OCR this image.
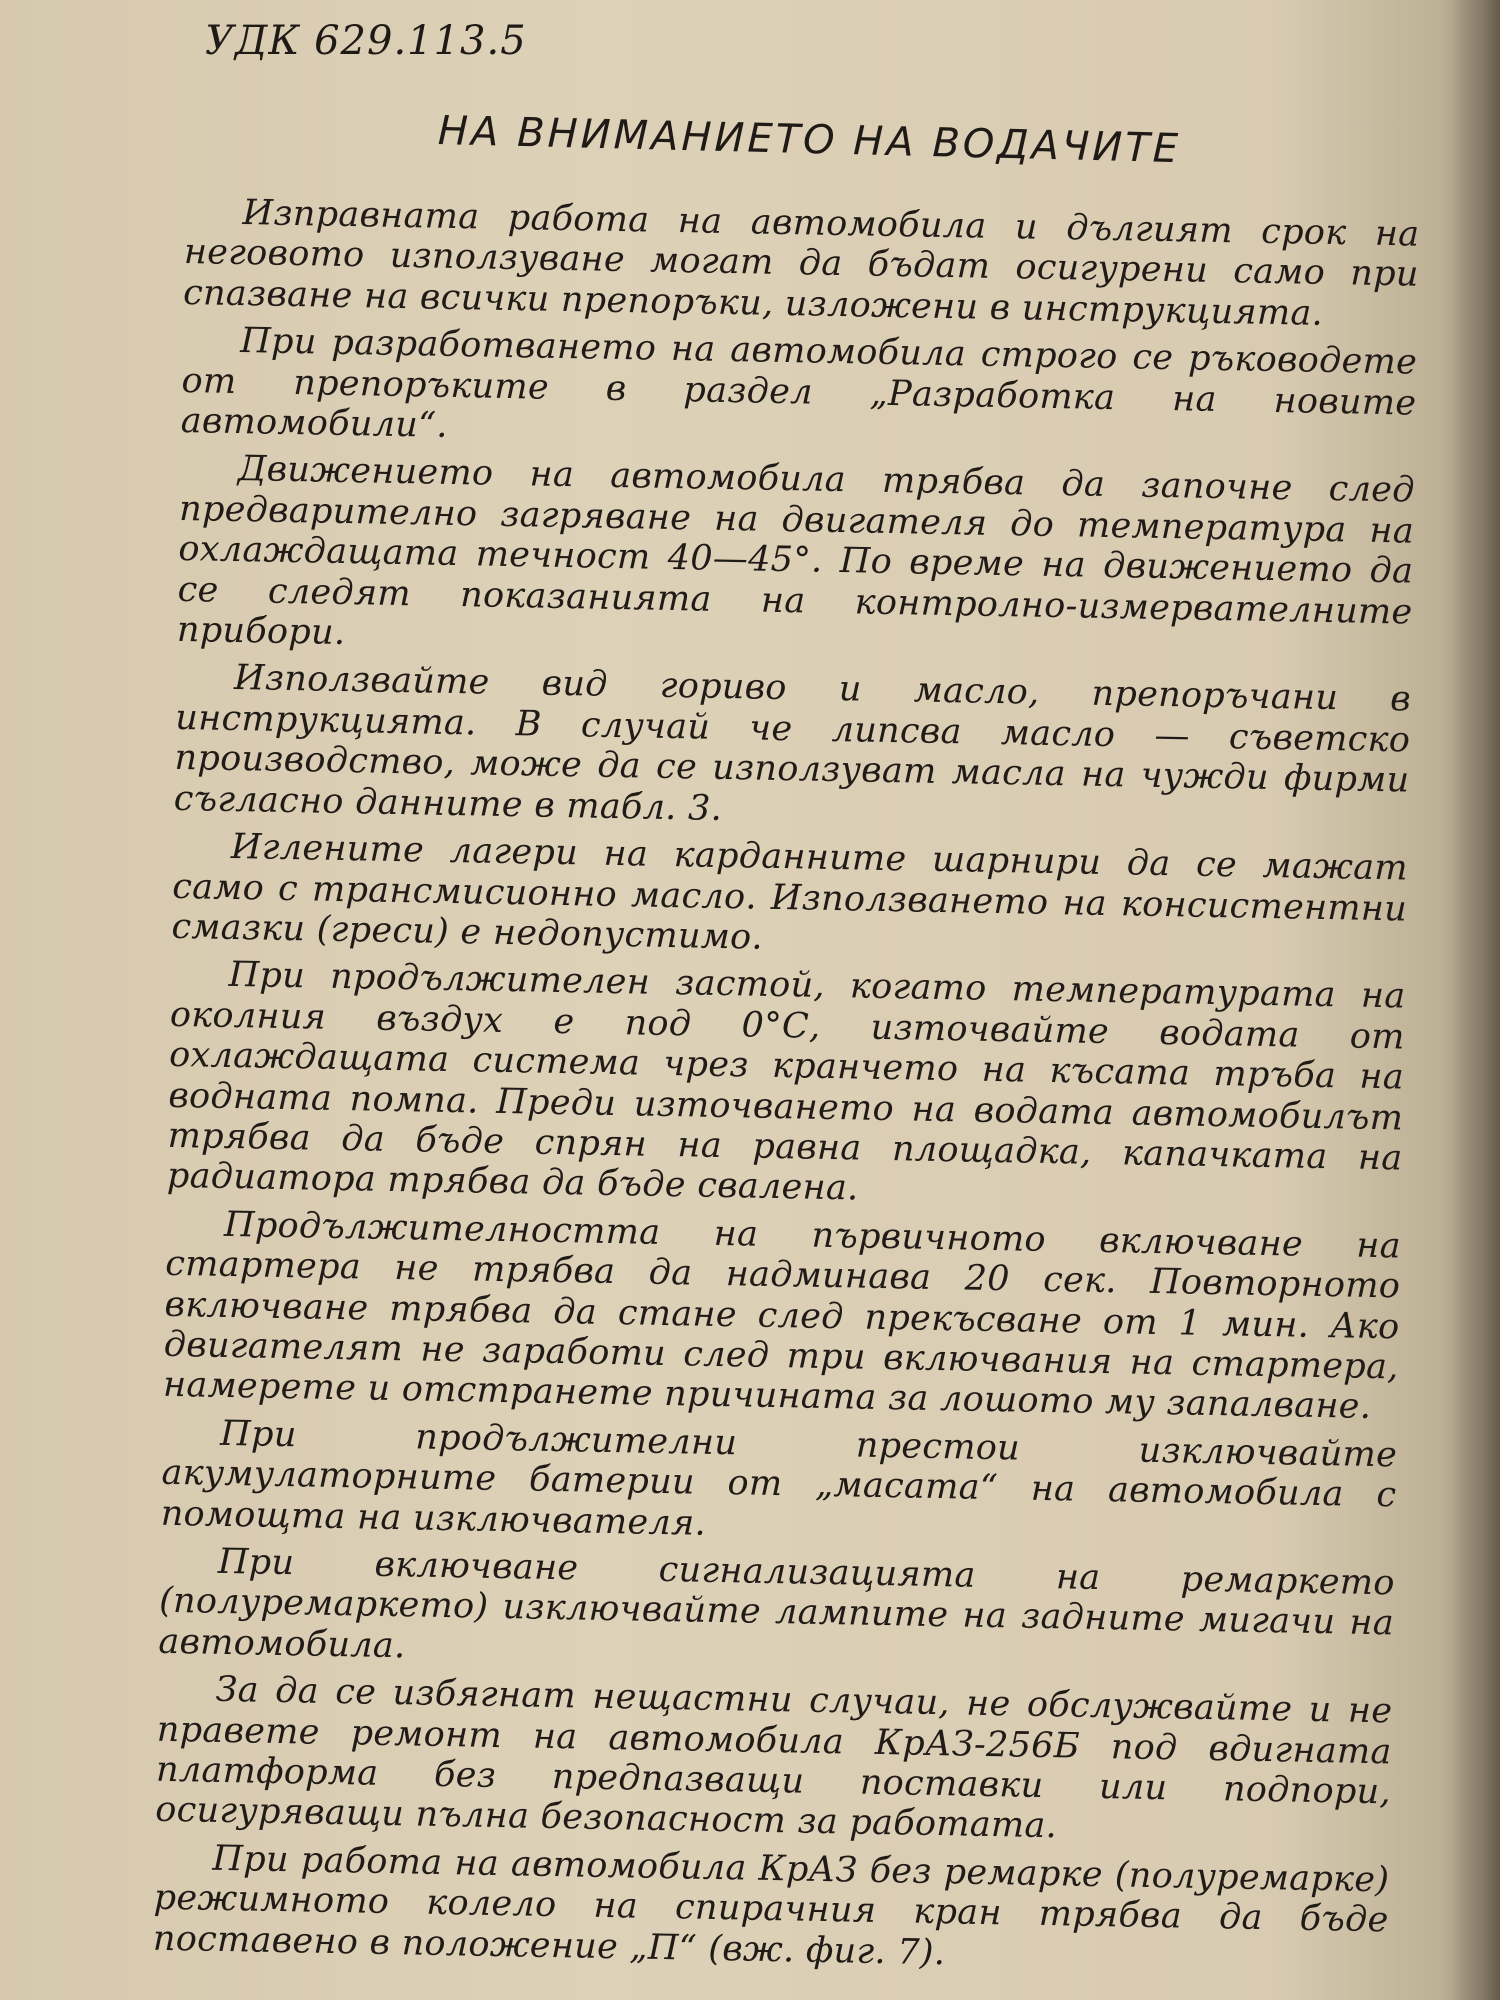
УДК 629.113.5
НА ВНИМАНИЕТО НА ВОДАЧИТЕ

Изправната работа на автомобила и дългият срок на неговото използуване могат да бъдат осигурени само при спазване на всички препоръки, изложени в инструкцията.

При разработването на автомобила строго се ръководете от препоръките в раздел „Разработка на новите автомобили“.

Движението на автомобила трябва да започне след предварително загряване на двигателя до температура на охлаждащата течност 40—45°. По време на движението да се следят показанията на контролно-измервателните прибори.

Използвайте вид гориво и масло, препоръчани в инструкцията. В случай че липсва масло — съветско производство, може да се използуват масла на чужди фирми съгласно данните в табл. 3.

Иглените лагери на карданните шарнири да се мажат само с трансмисионно масло. Използването на консистентни смазки (греси) е недопустимо.

При продължителен застой, когато температурата на околния въздух е под 0°С, източвайте водата от охлаждащата система чрез кранчето на късата тръба на водната помпа. Преди източването на водата автомобилът трябва да бъде спрян на равна площадка, капачката на радиатора трябва да бъде свалена.

Продължителността на първичното включване на стартера не трябва да надминава 20 сек. Повторното включване трябва да стане след прекъсване от 1 мин. Ако двигателят не заработи след три включвания на стартера, намерете и отстранете причината за лошото му запалване.

При продължителни престои изключвайте акумулаторните батерии от „масата“ на автомобила с помощта на изключвателя.

При включване сигнализацията на ремаркето (полуремаркето) изключвайте лампите на задните мигачи на автомобила.

За да се избягнат нещастни случаи, не обслужвайте и не правете ремонт на автомобила КрАЗ-256Б под вдигната платформа без предпазващи поставки или подпори, осигуряващи пълна безопасност за работата.

При работа на автомобила КрАЗ без ремарке (полуремарке) режимното колело на спирачния кран трябва да бъде поставено в положение „П“ (вж. фиг. 7).
